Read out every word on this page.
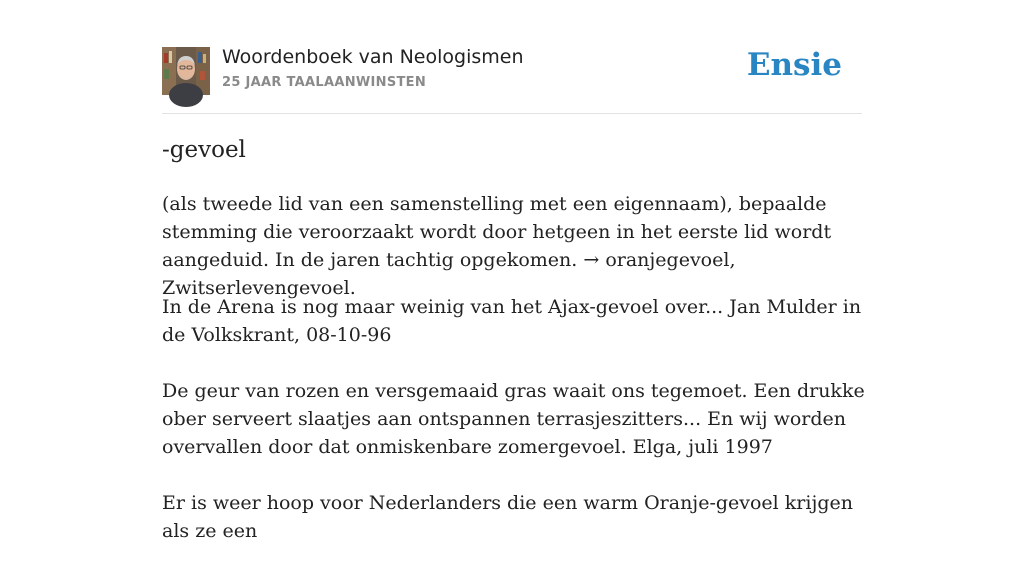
Woordenboek van Neologismen
25 JAAR TAALAANWINSTEN	Ensie
-gevoel

(als tweede lid van een samenstelling met een eigennaam), bepaalde stemming die veroorzaakt wordt door hetgeen in het eerste lid wordt aangeduid. In de jaren tachtig opgekomen. → oranjegevoel, Zwitserlevengevoel.

In de Arena is nog maar weinig van het Ajax-gevoel over... Jan Mulder in de Volkskrant, 08-10-96

De geur van rozen en versgemaaid gras waait ons tegemoet. Een drukke ober serveert slaatjes aan ontspannen terrasjeszitters... En wij worden overvallen door dat onmiskenbare zomergevoel. Elga, juli 1997

Er is weer hoop voor Nederlanders die een warm Oranje-gevoel krijgen als ze een
